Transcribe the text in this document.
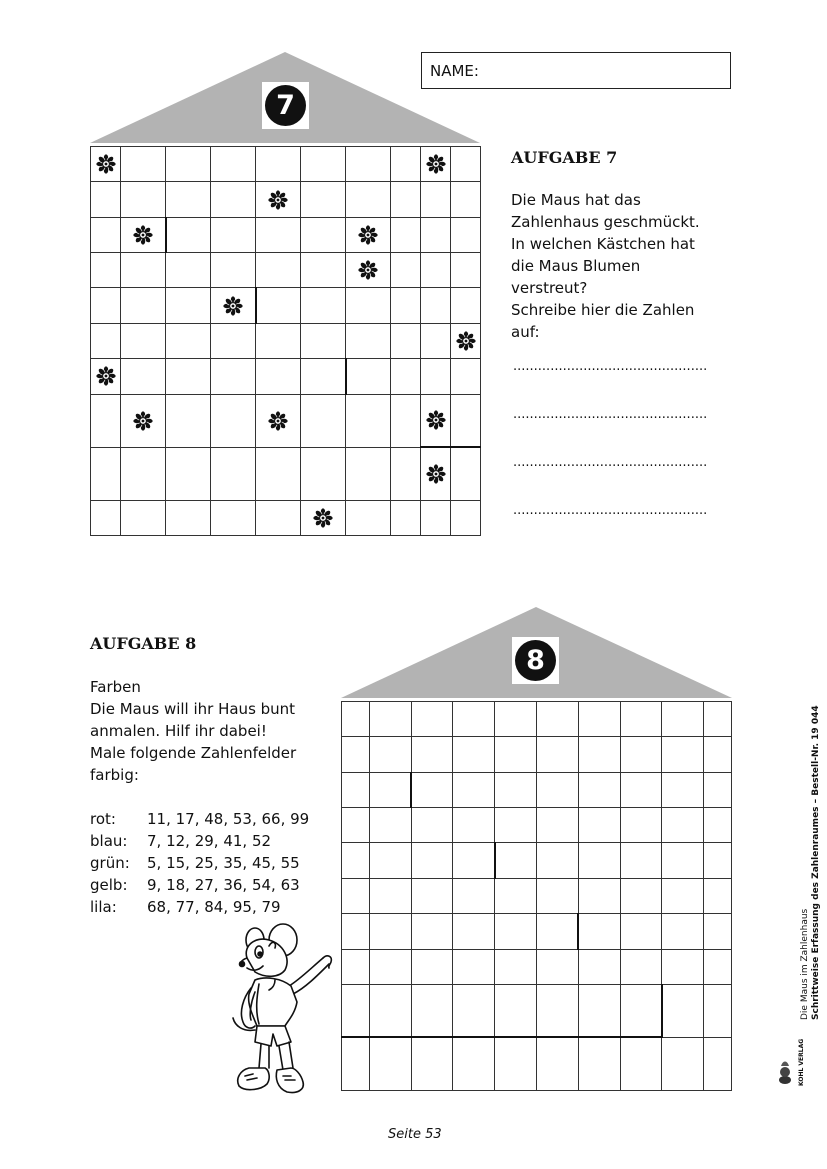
NAME:
7

AUFGABE 7
Die Maus hat das
Zahlenhaus geschmückt.
In welchen Kästchen hat
die Maus Blumen
verstreut?
Schreibe hier die Zahlen
auf:
...............................................
...............................................
...............................................
...............................................
AUFGABE 8
Farben
Die Maus will ihr Haus bunt
anmalen. Hilf ihr dabei!
Male folgende Zahlenfelder
farbig:
rot: 11, 17, 48, 53, 66, 99
blau: 7, 12, 29, 41, 52
grün: 5, 15, 25, 35, 45, 55
gelb: 9, 18, 27, 36, 54, 63
lila: 68, 77, 84, 95, 79
8

Die Maus im Zahlenhaus Schrittweise Erfassung des Zahlenraumes – Bestell-Nr. 19 044
KOHL VERLAG
Seite 53
